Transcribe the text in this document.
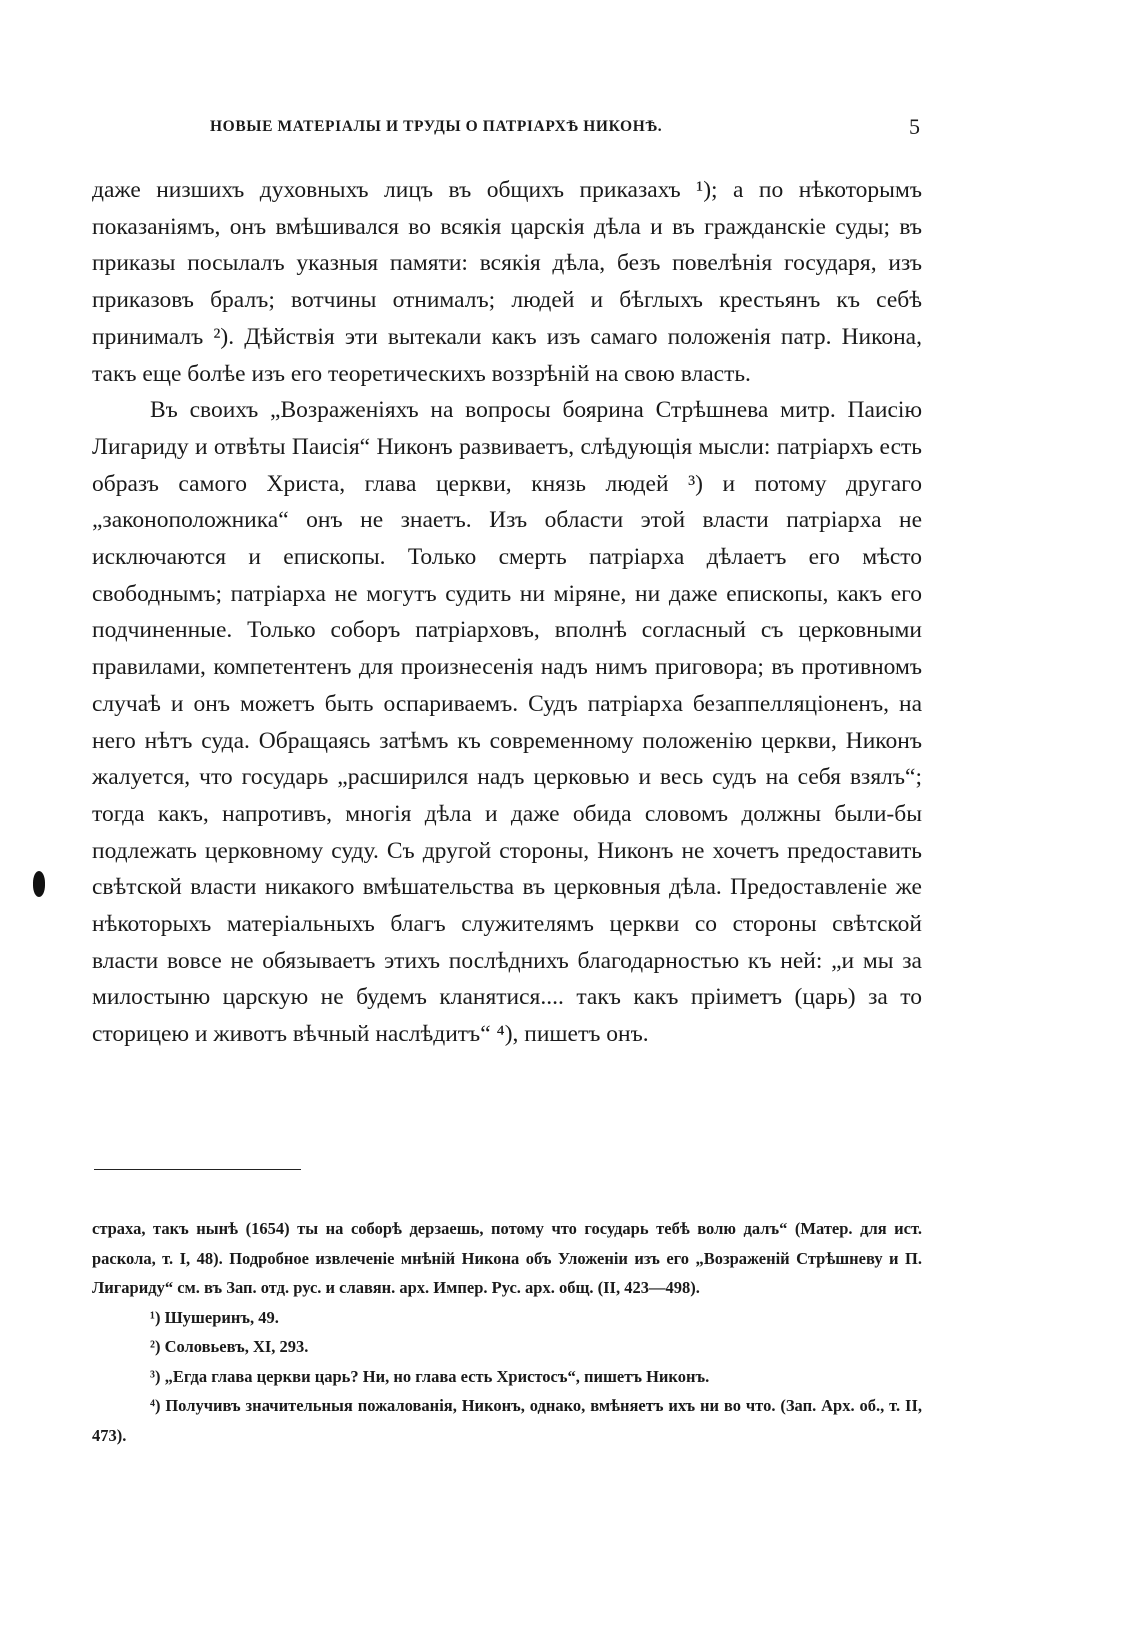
НОВЫЕ МАТЕРІАЛЫ И ТРУДЫ О ПАТРІАРХѢ НИКОНѢ.	5

даже низшихъ духовныхъ лицъ въ общихъ приказахъ ¹); а по нѣкоторымъ показаніямъ, онъ вмѣшивался во всякія царскія дѣла и въ гражданскіе суды; въ приказы посылалъ указныя памяти: всякія дѣла, безъ повелѣнія государя, изъ приказовъ бралъ; вотчины отнималъ; людей и бѣглыхъ крестьянъ къ себѣ принималъ ²). Дѣйствія эти вытекали какъ изъ самаго положенія патр. Никона, такъ еще болѣе изъ его теоретическихъ воззрѣній на свою власть.

Въ своихъ „Возраженіяхъ на вопросы боярина Стрѣшнева митр. Паисію Лигариду и отвѣты Паисія“ Никонъ развиваетъ, слѣдующія мысли: патріархъ есть образъ самого Христа, глава церкви, князь людей ³) и потому другаго „законоположника“ онъ не знаетъ. Изъ области этой власти патріарха не исключаются и епископы. Только смерть патріарха дѣлаетъ его мѣсто свободнымъ; патріарха не могутъ судить ни міряне, ни даже епископы, какъ его подчиненные. Только соборъ патріарховъ, вполнѣ согласный съ церковными правилами, компетентенъ для произнесенія надъ нимъ приговора; въ противномъ случаѣ и онъ можетъ быть оспариваемъ. Судъ патріарха безаппелляціоненъ, на него нѣтъ суда. Обращаясь затѣмъ къ современному положенію церкви, Никонъ жалуется, что государь „расширился надъ церковью и весь судъ на себя взялъ“; тогда какъ, напротивъ, многія дѣла и даже обида словомъ должны были-бы подлежать церковному суду. Съ другой стороны, Никонъ не хочетъ предоставить свѣтской власти никакого вмѣшательства въ церковныя дѣла. Предоставленіе же нѣкоторыхъ матеріальныхъ благъ служителямъ церкви со стороны свѣтской власти вовсе не обязываетъ этихъ послѣднихъ благодарностью къ ней: „и мы за милостыню царскую не будемъ кланятися.... такъ какъ пріиметъ (царь) за то сторицею и животъ вѣчный наслѣдитъ“ ⁴), пишетъ онъ.

страха, такъ нынѣ (1654) ты на соборѣ дерзаешь, потому что государь тебѣ волю далъ“ (Матер. для ист. раскола, т. I, 48). Подробное извлеченіе мнѣній Никона объ Уложеніи изъ его „Возраженій Стрѣшневу и П. Лигариду“ см. въ Зап. отд. рус. и славян. арх. Импер. Рус. арх. общ. (II, 423—498).

¹) Шушеринъ, 49.

²) Соловьевъ, XI, 293.

³) „Егда глава церкви царь? Ни, но глава есть Христосъ“, пишетъ Никонъ.

⁴) Получивъ значительныя пожалованія, Никонъ, однако, вмѣняетъ ихъ ни во что. (Зап. Арх. об., т. II, 473).
